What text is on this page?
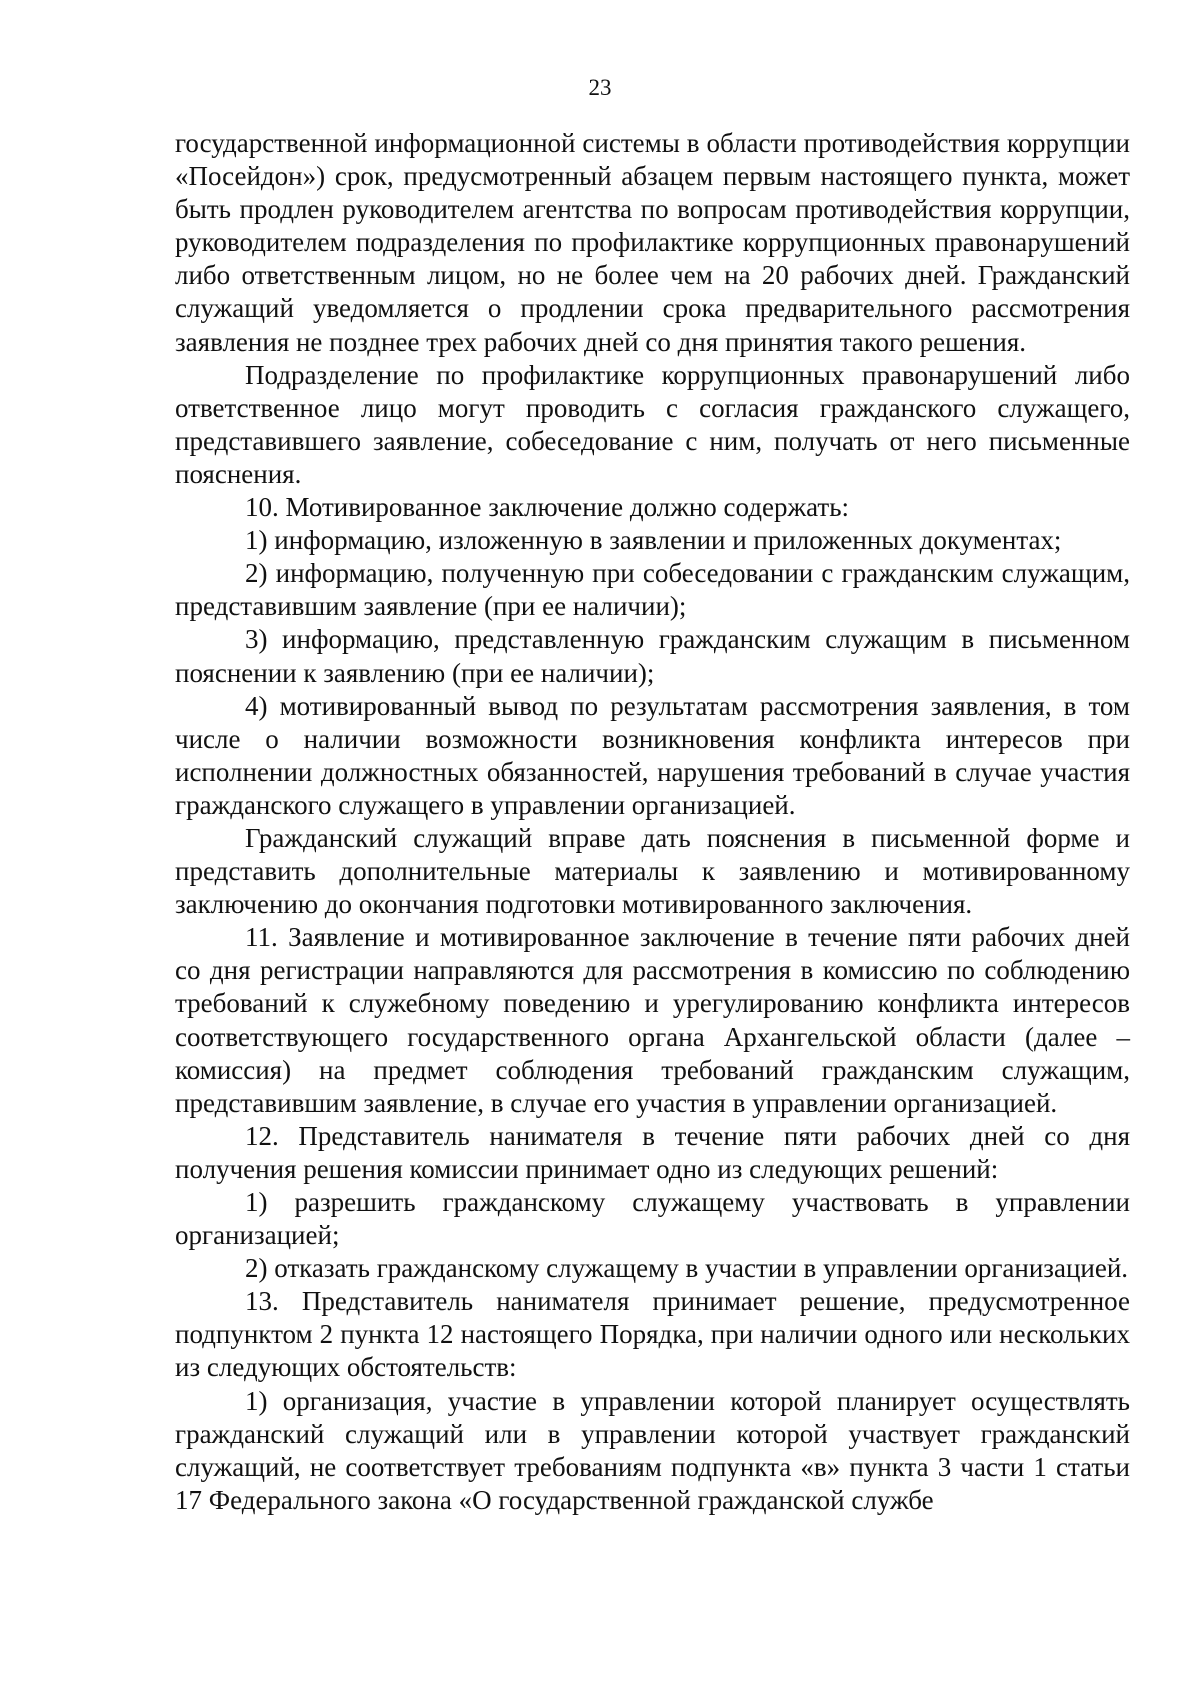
23

государственной информационной системы в области противодействия коррупции «Посейдон») срок, предусмотренный абзацем первым настоящего пункта, может быть продлен руководителем агентства по вопросам противодействия коррупции, руководителем подразделения по профилактике коррупционных правонарушений либо ответственным лицом, но не более чем на 20 рабочих дней. Гражданский служащий уведомляется о продлении срока предварительного рассмотрения заявления не позднее трех рабочих дней со дня принятия такого решения.

Подразделение по профилактике коррупционных правонарушений либо ответственное лицо могут проводить с согласия гражданского служащего, представившего заявление, собеседование с ним, получать от него письменные пояснения.

10. Мотивированное заключение должно содержать:

1) информацию, изложенную в заявлении и приложенных документах;

2) информацию, полученную при собеседовании с гражданским служащим, представившим заявление (при ее наличии);

3) информацию, представленную гражданским служащим в письменном пояснении к заявлению (при ее наличии);

4) мотивированный вывод по результатам рассмотрения заявления, в том числе о наличии возможности возникновения конфликта интересов при исполнении должностных обязанностей, нарушения требований в случае участия гражданского служащего в управлении организацией.

Гражданский служащий вправе дать пояснения в письменной форме и представить дополнительные материалы к заявлению и мотивированному заключению до окончания подготовки мотивированного заключения.

11. Заявление и мотивированное заключение в течение пяти рабочих дней со дня регистрации направляются для рассмотрения в комиссию по соблюдению требований к служебному поведению и урегулированию конфликта интересов соответствующего государственного органа Архангельской области (далее – комиссия) на предмет соблюдения требований гражданским служащим, представившим заявление, в случае его участия в управлении организацией.

12. Представитель нанимателя в течение пяти рабочих дней со дня получения решения комиссии принимает одно из следующих решений:

1) разрешить гражданскому служащему участвовать в управлении организацией;

2) отказать гражданскому служащему в участии в управлении организацией.

13. Представитель нанимателя принимает решение, предусмотренное подпунктом 2 пункта 12 настоящего Порядка, при наличии одного или нескольких из следующих обстоятельств:

1) организация, участие в управлении которой планирует осуществлять гражданский служащий или в управлении которой участвует гражданский служащий, не соответствует требованиям подпункта «в» пункта 3 части 1 статьи 17 Федерального закона «О государственной гражданской службе
